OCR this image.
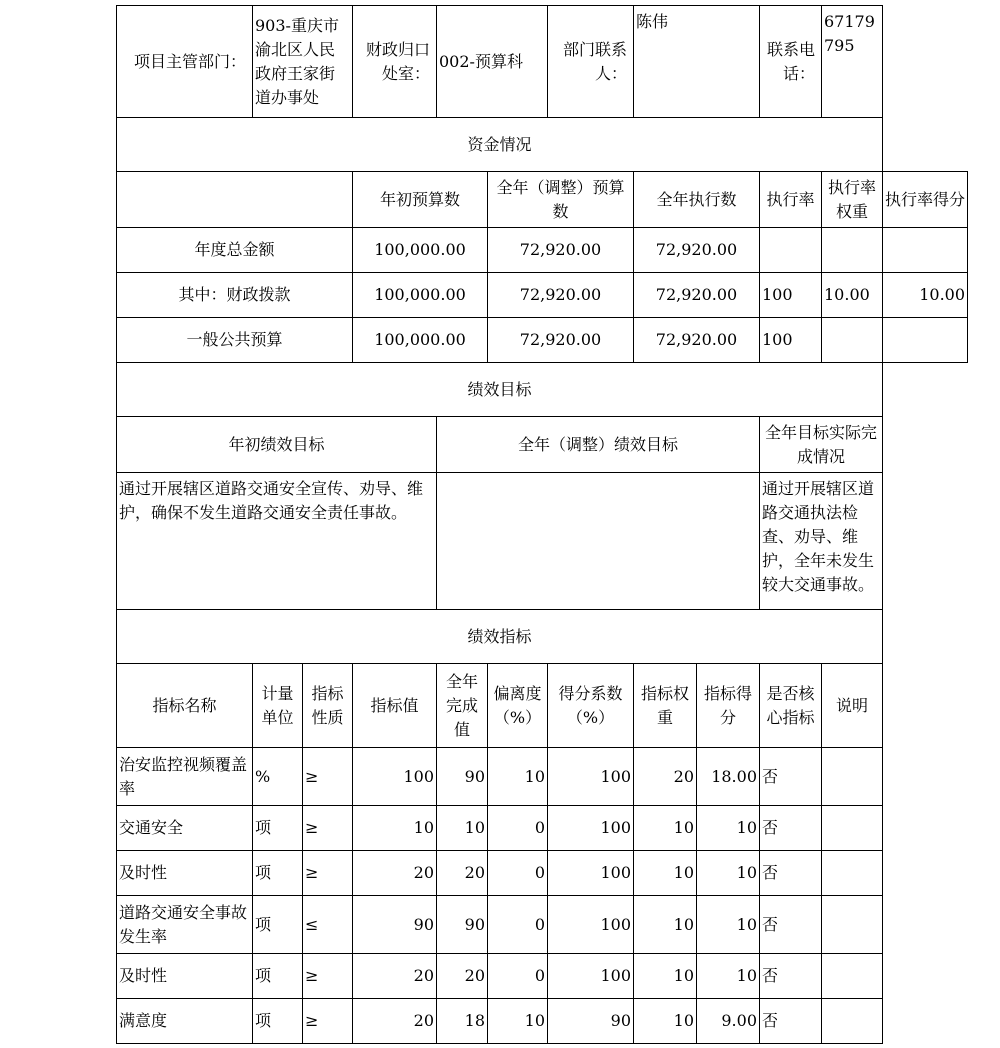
项目主管部门：	903-重庆市渝北区人民政府王家街道办事处		财政归口处室：	002-预算科		部门联系人：	陈伟		联系电话：	67179795	
资金情况											
			年初预算数		全年（调整）预算数		全年执行数		执行率	执行率权重	执行率得分
年度总金额			100,000.00		72,920.00		72,920.00				
其中：财政拨款			100,000.00		72,920.00		72,920.00		100	10.00	10.00
一般公共预算			100,000.00		72,920.00		72,920.00		100		
绩效目标											
年初绩效目标				全年（调整）绩效目标					全年目标实际完成情况		
通过开展辖区道路交通安全宣传、劝导、维护，确保不发生道路交通安全责任事故。									通过开展辖区道路交通执法检查、劝导、维护，全年未发生较大交通事故。		
绩效指标											
指标名称	计量单位	指标性质	指标值	全年完成值	偏离度（%）	得分系数（%）	指标权重	指标得分	是否核心指标	说明	
治安监控视频覆盖率	%	≥	100	90	10	100	20	18.00	否		
交通安全	项	≥	10	10	0	100	10	10	否		
及时性	项	≥	20	20	0	100	10	10	否		
道路交通安全事故发生率	项	≤	90	90	0	100	10	10	否		
及时性	项	≥	20	20	0	100	10	10	否		
满意度	项	≥	20	18	10	90	10	9.00	否		
